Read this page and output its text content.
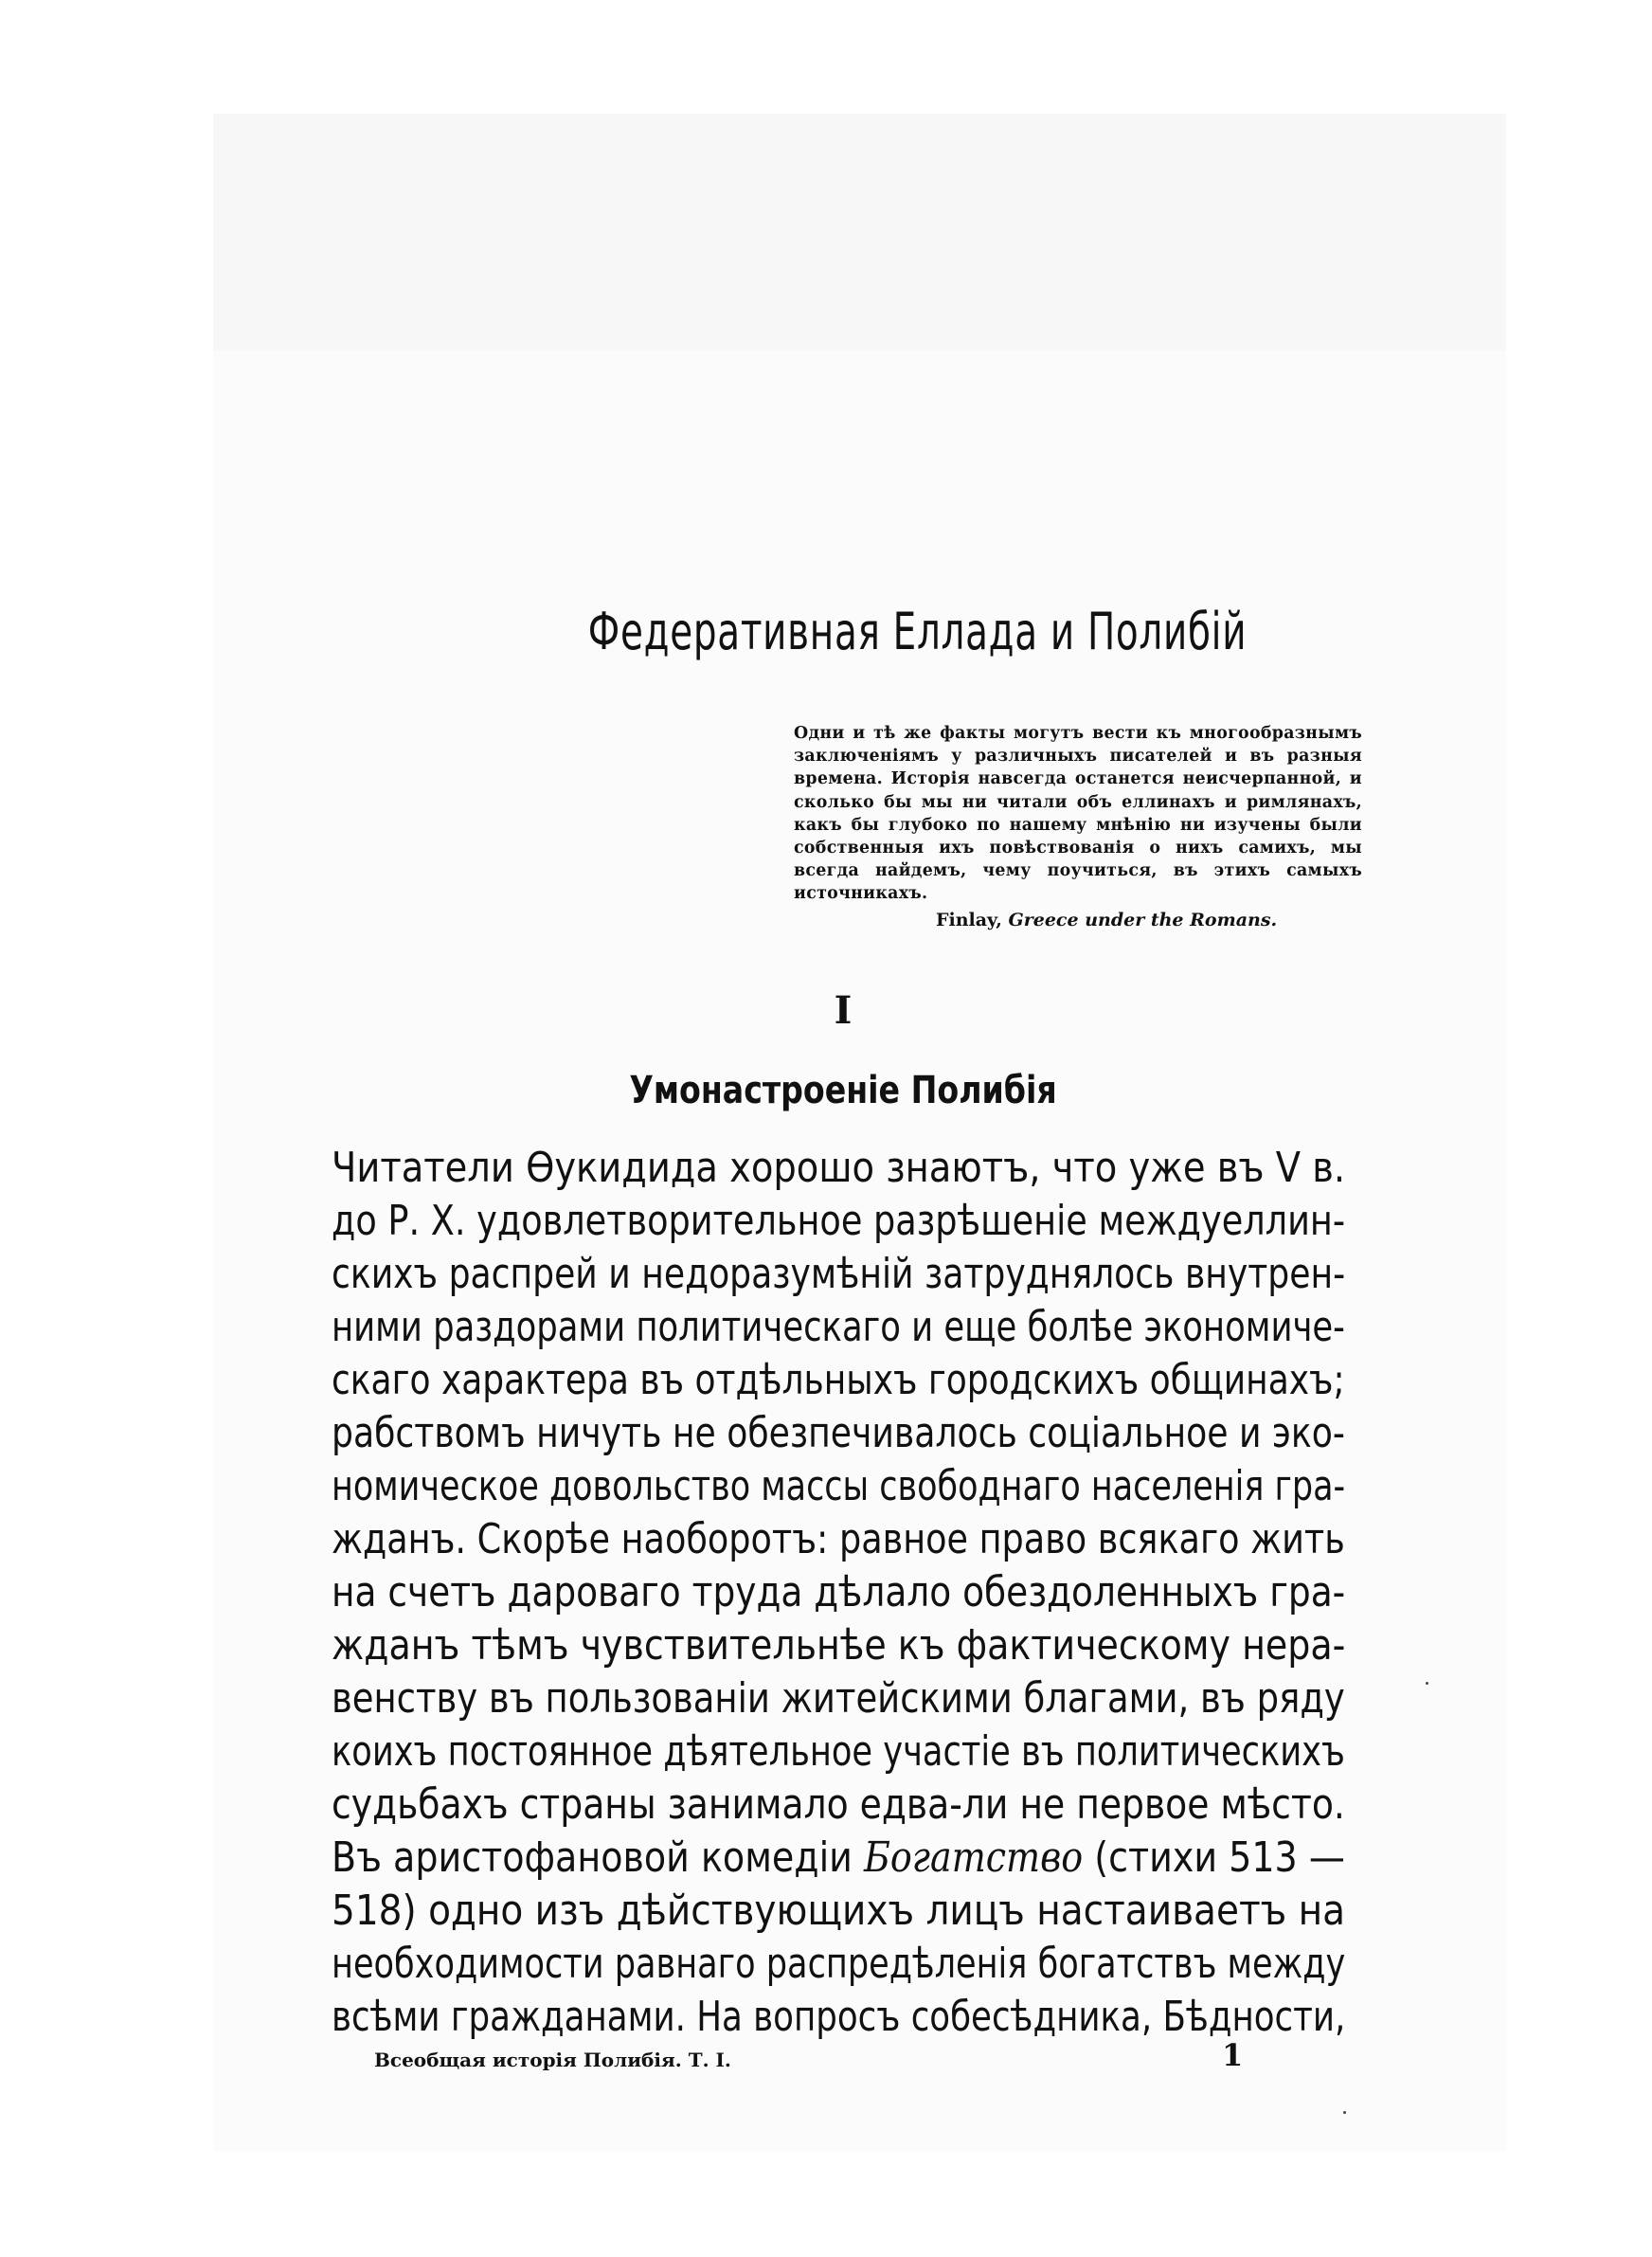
Федеративная Еллада и Полибій

Одни и тѣ же факты могутъ вести къ многообразнымъ заключеніямъ у различныхъ писателей и въ разныя времена. Исторія навсегда останется неисчерпанной, и сколько бы мы ни читали объ еллинахъ и римлянахъ, какъ бы глубоко по нашему мнѣнію ни изучены были собственныя ихъ повѣствованія о нихъ самихъ, мы всегда найдемъ, чему поучиться, въ этихъ самыхъ источникахъ.

Finlay, Greece under the Romans.

I

Умонастроеніе Полибія
Читатели Өукидида хорошо знаютъ, что уже въ V в.
до Р. Х. удовлетворительное разрѣшеніе междуеллин-
скихъ распрей и недоразумѣній затруднялось внутрен-
ними раздорами политическаго и еще болѣе экономиче-
скаго характера въ отдѣльныхъ городскихъ общинахъ;
рабствомъ ничуть не обезпечивалось соціальное и эко-
номическое довольство массы свободнаго населенія гра-
жданъ. Скорѣе наоборотъ: равное право всякаго жить
на счетъ дароваго труда дѣлало обездоленныхъ гра-
жданъ тѣмъ чувствительнѣе къ фактическому нера-
венству въ пользованіи житейскими благами, въ ряду
коихъ постоянное дѣятельное участіе въ политическихъ
судьбахъ страны занимало едва-ли не первое мѣсто.
Въ аристофановой комедіи Богатство (стихи 513 —
518) одно изъ дѣйствующихъ лицъ настаиваетъ на
необходимости равнаго распредѣленія богатствъ между
всѣми гражданами. На вопросъ собесѣдника, Бѣдности,

Всеобщая исторія Полибія. Т. I.	1
